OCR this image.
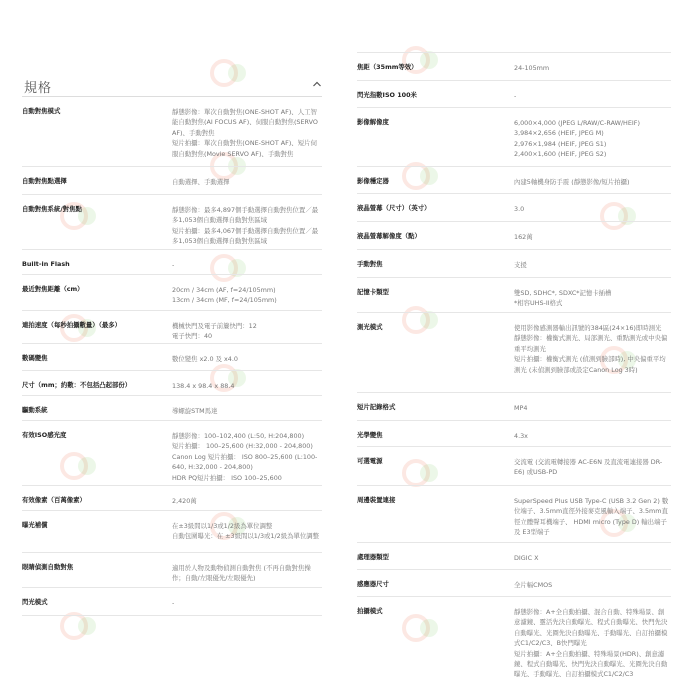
規格
自動對焦模式	靜態影像：單次自動對焦(ONE-SHOT AF)、人工智能自動對焦(AI FOCUS AF)、伺服自動對焦(SERVO AF)、手動對焦
短片拍攝：單次自動對焦(ONE-SHOT AF)、短片伺服自動對焦(Movie SERVO AF)、手動對焦
自動對焦點選擇	自動選擇、手動選擇
自動對焦系統/對焦點	靜態影像：最多4,897個手動選擇自動對焦位置／最多1,053個自動選擇自動對焦區域
短片拍攝：最多4,067個手動選擇自動對焦位置／最多1,053個自動選擇自動對焦區域
Built-in Flash	-
最近對焦距離（cm）	20cm / 34cm (AF, f=24/105mm)
13cm / 34cm (MF, f=24/105mm)
連拍速度（每秒拍攝數量）（最多）	機械快門及電子前簾快門：12
電子快門：40
數碼變焦	數位變焦 x2.0 及 x4.0
尺寸（mm；約數：不包括凸起部份）	138.4 x 98.4 x 88.4
驅動系統	導螺旋STM馬達
有效ISO感光度	靜態影像：100–102,400 (L:50, H:204,800)
短片拍攝： 100–25,600 (H:32,000 - 204,800)
Canon Log 短片拍攝： ISO 800–25,600 (L:100-640, H:32,000 - 204,800)
HDR PQ短片拍攝： ISO 100–25,600
有效像素（百萬像素）	2,420萬
曝光補償	在±3級間以1/3或1/2級為單位調整
自動包圍曝光：在 ±3級間以1/3或1/2級為單位調整
眼睛偵測自動對焦	適用於人物及動物偵測自動對焦 (不再自動對焦操作；自動/左眼優先/左眼優先)
閃光模式	-
焦距（35mm等效）	24-105mm
閃光指數ISO 100米	-
影像解像度	6,000×4,000 (JPEG L/RAW/C-RAW/HEIF)
3,984×2,656 (HEIF, JPEG M)
2,976×1,984 (HEIF, JPEG S1)
2,400×1,600 (HEIF, JPEG S2)
影像穩定器	內建5軸機身防手震 (靜態影像/短片拍攝)
液晶螢幕（尺寸）（英寸）	3.0
液晶螢幕解像度（點）	162萬
手動對焦	支援
記憶卡類型	雙SD, SDHC*, SDXC*記憶卡插槽
*相容UHS-II格式
測光模式	使用影像感測器輸出訊號的384區(24×16)即時測光
靜態影像：權衡式測光、局部測光、重點測光或中央偏重平均測光
短片拍攝：權衡式測光 (偵測到臉部時), 中央偏重平均測光 (未偵測到臉部或設定Canon Log 3時)
短片記錄格式	MP4
光學變焦	4.3x
可選電源	交流電 (交流電轉接器 AC-E6N 及直流電連接器 DR-E6) 或USB-PD
周邊裝置連接	SuperSpeed Plus USB Type-C (USB 3.2 Gen 2) 數位端子、3.5mm直徑外接麥克風輸入端子、3.5mm直徑立體聲耳機端子、 HDMI micro (Type D) 輸出端子及 E3型端子
處理器類型	DIGIC X
感應器尺寸	全片幅CMOS
拍攝模式	靜態影像：A+全自動拍攝、混合自動、特殊場景、創意濾鏡、靈活先決自動曝光、程式自動曝光、快門先決自動曝光、光圈先決自動曝光、手動曝光、自訂拍攝模式C1/C2/C3、B快門曝光
短片拍攝：A+全自動拍攝、特殊場景(HDR)、創意濾鏡、程式自動曝光、快門先決自動曝光、光圈先決自動曝光、手動曝光、自訂拍攝模式C1/C2/C3
